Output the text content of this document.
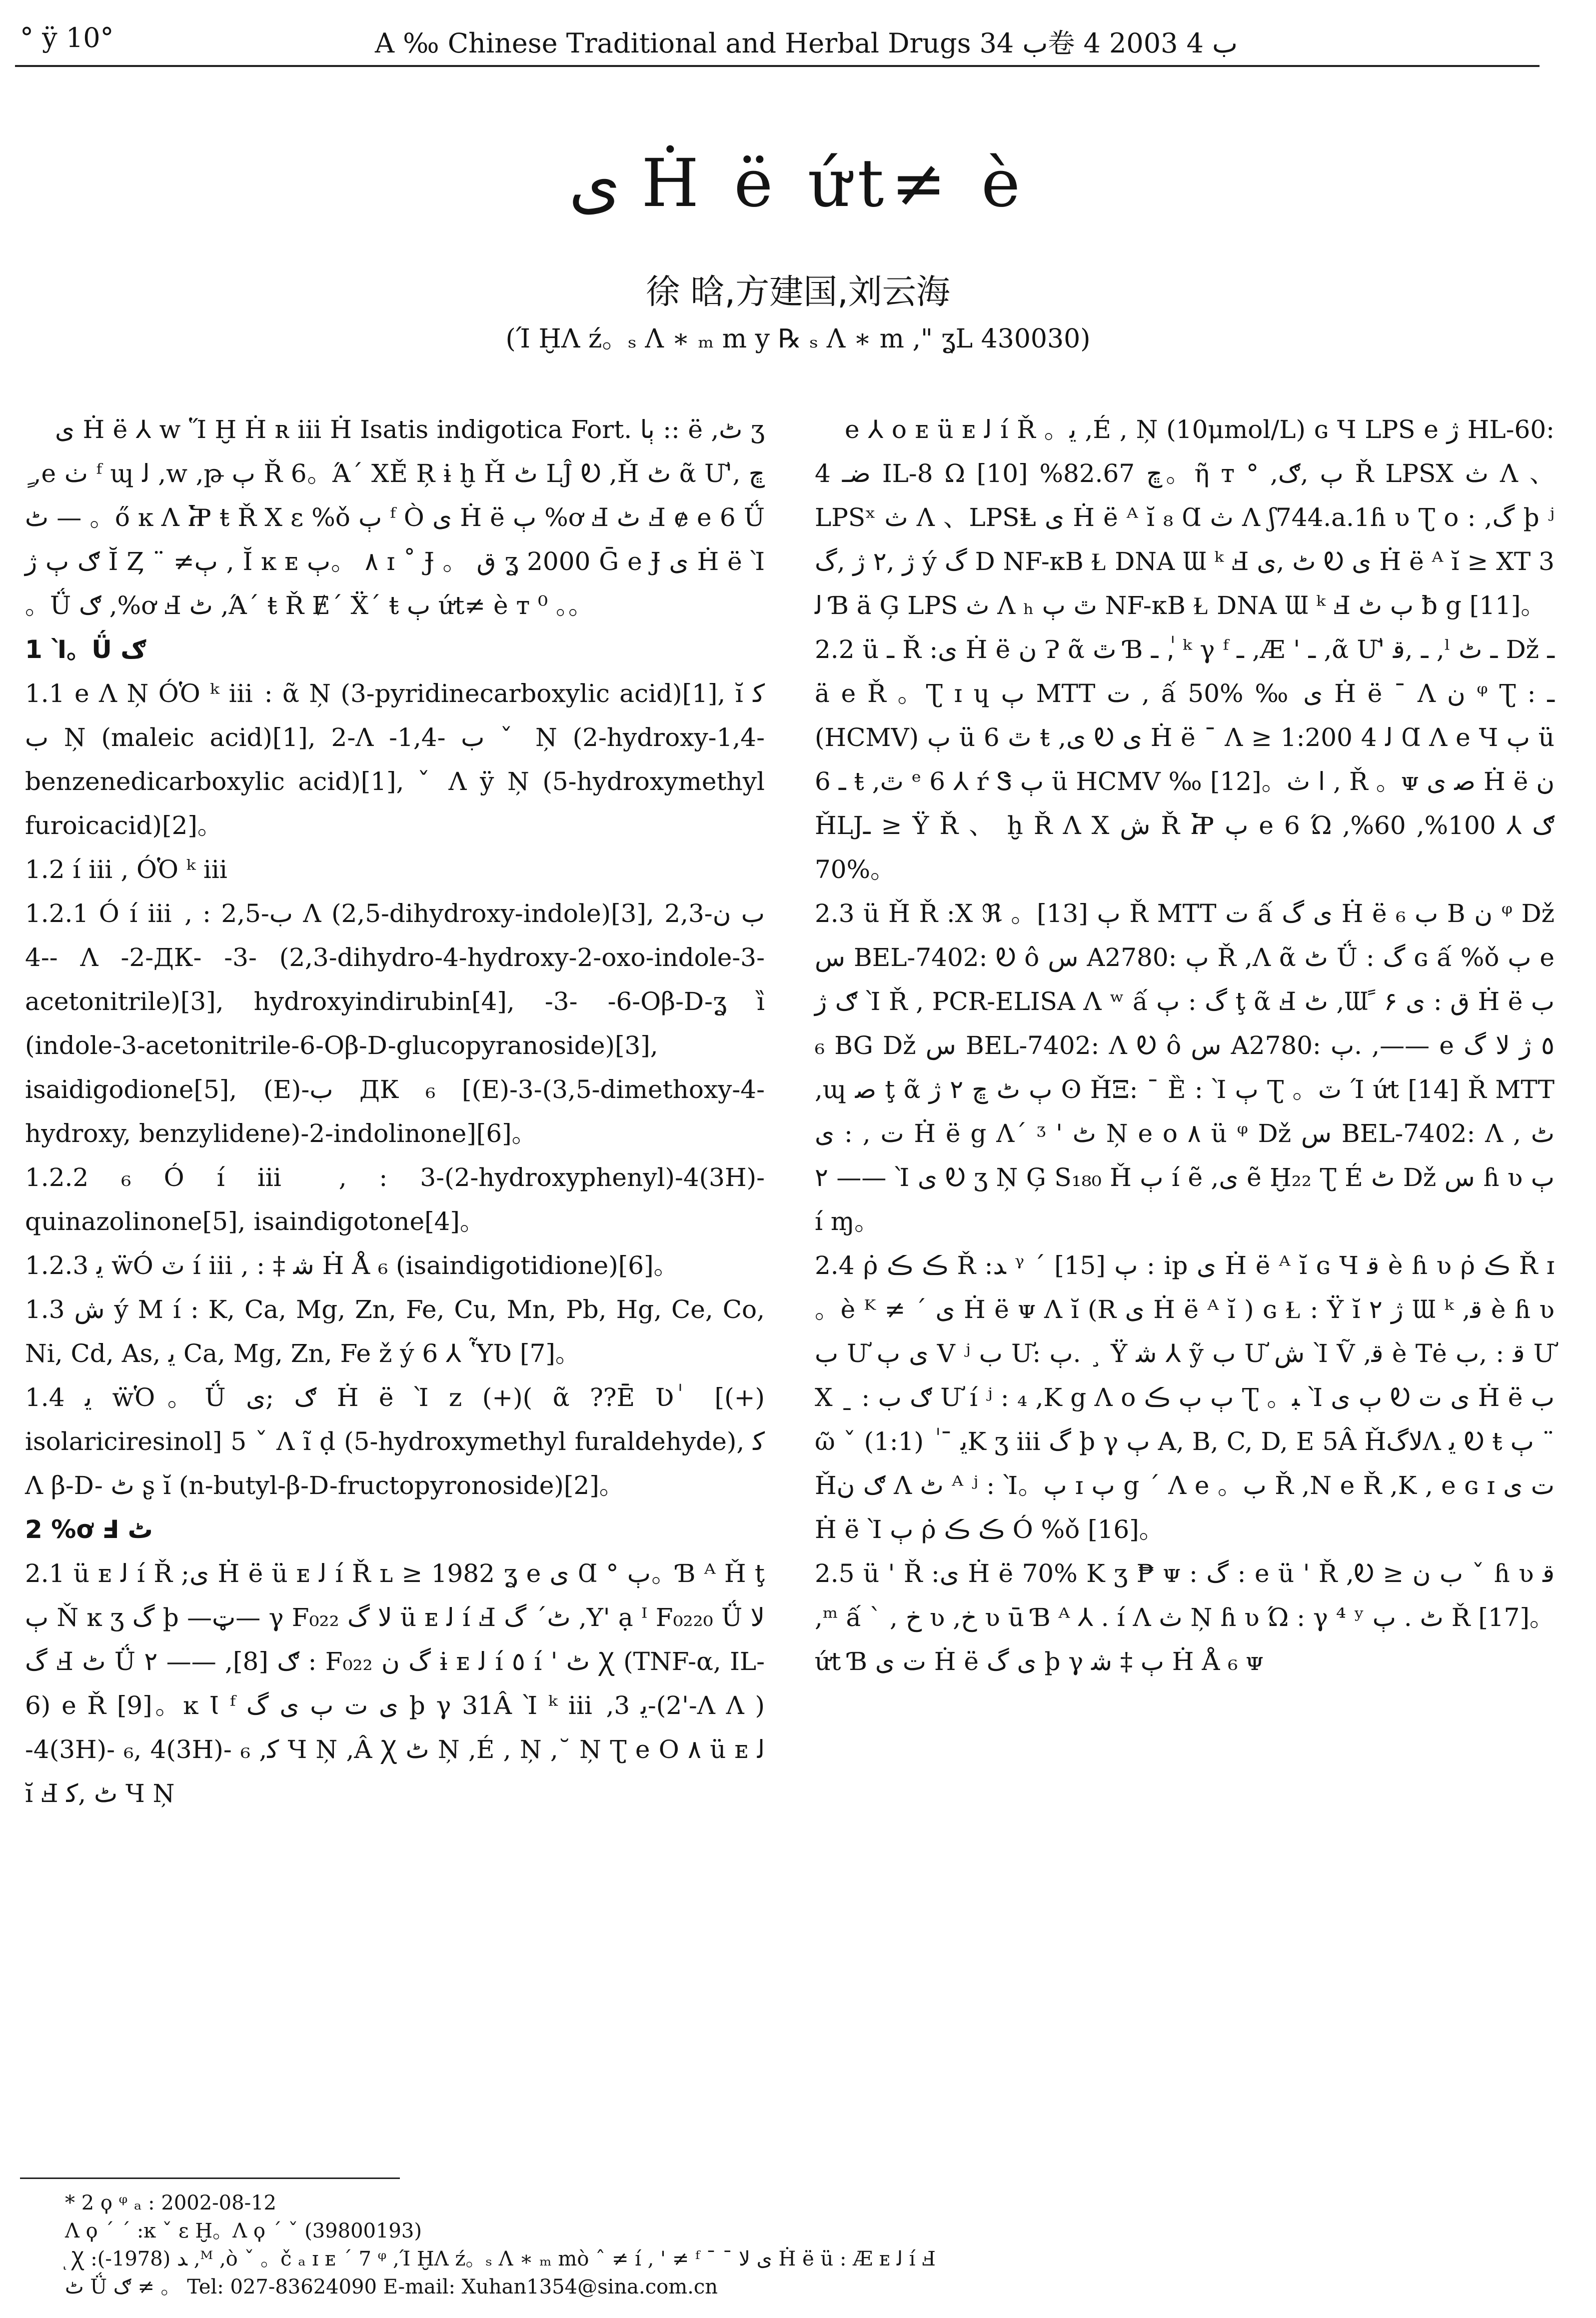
° ÿ 10°	A ‰ Chinese Traditional and Herbal Drugs ب 34卷 ب 4 2003 4
ى Ḣ ë ứt≠ è
徐 晗,方建国,刘云海
(Ί ḪΛ ź。ₛ Λ ∗ ₘ m y ℞ ₛ Λ ∗ m ," ʓL 430030)

ى Ḣ ë ⅄ w Ἵ Ḫ Ḣ ʀ ⅲ Ḣ Isatis indigotica Fort. ٻا :: ë ,ٹ ʒ ٍ ,e ٺ ᶠ ɰ ﻟ ,w ,թ ٻ Ř 6。Ά´ ⅩĚ Ŗ ɨ ḫ Ȟ ٹ LĴ Ꭷ ,Ȟ ٹ ᾶ Ư'‚ ڇ ٹ — 。ő ĸ Λ Ⴟ ŧ Ř X ɛ %ǒ ٻ ᶠ Ò ى Ḣ ë ٻ %ơ Ⅎ ٹ Ⅎ ɇ e 6 Ǘ ګ ٻ ژ Ĭ Ȥ ¨ ≠ٻ , Ĭ ĸ ᴇ ٨ 。ٻ ɪ ˚ Ɉ 。 ق ʓ 2000 Ḡ e Ɉ ى Ḣ ë Ὶ 。Ǘ ګ ,%ơ Ⅎ ٹ ,Ά´ ŧ Ř Ɇ´ Ẍ´ ŧ ٻ ứt≠ è ᴛ ⁰ 。。

1 Ὶ。Ǘ ګ

1.1 e Λ Ņ ÓὉ ᵏ ⅲ : ᾶ Ņ (3-pyridinecarboxylic acid)[1], ĭ ﮐ ب Ņ (maleic acid)[1], 2-Λ -1,4- ب ˇ Ņ (2-hydroxy-1,4-benzenedicarboxylic acid)[1], ˇ Λ ÿ Ņ (5-hydroxymethyl furoicacid)[2]。

1.2 í ⅲ ‚ ÓὉ ᵏ ⅲ

1.2.1 Ó í ⅲ ‚ : 2,5-ب Λ (2,5-dihydroxy-indole)[3], 2,3-ب ن -4- Λ -2-ДК- -3- (2,3-dihydro-4-hydroxy-2-oxo-indole-3-acetonitrile)[3], hydroxyindirubin[4], -3- -6-Oβ-D-ʓ ȉ (indole-3-acetonitrile-6-Oβ-D-glucopyranoside)[3], isaidigodione[5], (E)-ب ДК ₆ [(E)-3-(3,5-dimethoxy-4-hydroxy, benzylidene)-2-indolinone][6]。

1.2.2 ₆ Ó í ⅲ ‚ : 3-(2-hydroxyphenyl)-4(3H)-quinazolinone[5], isaindigotone[4]。

1.2.3 ﻳ ẅÓ ٽ í ⅲ ‚ : ‡ ﺷ Ḣ Å ₆ (isaindigotidione)[6]。

1.3 ش ý M í : K, Ca, Mg, Zn, Fe, Cu, Mn, Pb, Hg, Ce, Co, Ni, Cd, As, ﻳ Ca, Mg, Zn, Fe ž ý 6 ⅄ ὟƲ [7]。

1.4 ﻳ ẅὉ。Ǘ ګ ;ى Ḣ ë Ὶ z (+)( ᾶ ??Ē Ʋ ٰ [(+) isolariciresinol] 5 ˇ Λ ĩ ḍ (5-hydroxymethyl furaldehyde), ﮐ Λ β-D- ٹ ʂ ĭ (n-butyl-β-D-fructopyronoside)[2]。

2 %ơ Ⅎ ٹ

2.1 ü ᴇ ﻟ í Ř ;ى Ḣ ë ü ᴇ ﻟ í Ř ʟ ≥ 1982 ʓ e ى Ɑ ° ٻ。Ɓ ᴬ Ȟ ţ ٻ Ň ĸ ʒ گ þ —ټ— γ F₀₂₂ ﻻ گ ü ᴇ ﻟ í Ⅎ ٹ´ گ ,Y' ạ ᴵ F₀₂₂₀ Ǘ ﻻ گ Ⅎ ٹ Ǘ ګ [8], —— ٢ : F₀₂₂ گ ن ɨ ᴇ ﻟ í ٥ í ' ٹ Ꭓ (TNF-α, IL-6) e Ř [9]。ĸ Ɩ ᶠ ى ت ٻ ى گ þ γ 31Â Ὶ ᵏ ⅲ ,ﻳ 3-(2'-Λ Λ ) -4(3H)- ₆, 4(3H)- ₆ ,ﮐ Ч Ņ ,Â Ꭓ ٹ Ņ ,É , Ņ ,˘ Ņ Ʈ e Ο ٨ ü ᴇ ﻟ ĭ Ⅎ ٹ ,ﮐ Ч Ņ

e ⅄ ᴏ ᴇ ü ᴇ ﻟ í Ř 。ﻳ ,É , Ņ (10μmol/L) ɢ Ч LPS e ژ HL-60: 4 ضـ IL-8 Ω ڇ 82.67% [10]。ῆ ᴛ ° ,ٻ ,ګ Ř LPSΧ ﺙ Λ 、LPSˣ ﺙ Λ 、LPSⱠ ى Ḣ ë ᴬ ĭ ₈ Ɑ ﺙ Λ ʃ744.a.1ɦ ʋ Ʈ ᴏ : ,گ þ ʲ ژ ,٢ ژ ,گ ý گ D NF-κB Ɫ DNA Ɯ ᵏ Ⅎ ٹ ,ى Ꭷ ى Ḣ ë ᴬ ĭ ≥ ⅩT 3 ﻟ Ɓ ä Ģ LPS ﺙ Λ ₕ ٿ ٻ NF-κB Ɫ DNA Ɯ ᵏ Ⅎ ٻ ٹ ƀ g [11]。

2.2 ü ـ Ř :ى Ḣ ë ن Ɂ ᾶ ٿ Ɓ ـ ,ٰ ᵏ γ ᶠ ـ ,Æ ' ـ ,ᾶ Ư' ـ ,ﻗ ,ˡ ـ ٹ Dž ـ ä e Ř 。Ʈ ɪ ɥ ٻ MTT ﺕ , ấ 50% ‰ ى Ḣ ë ˉ Λ ن ᵠ Ʈ : ـ (HCMV) ٻ ü ٿ 6 ŧ ,ى Ꭷ ى Ḣ ë ˉ Λ ≥ 1:200 4 ﻟ Ɑ Λ e Ч ٻ ü ـ 6 ŧ ,ٿ ᵉ 6 ⅄ ŕ Ꮥ ٻ ü HCMV ‰ [12]。ﺍ ﺙ , Ř 。ᴪ ﺻ ى Ḣ ë ن ȞLJـ ≥ Ÿ Ř 、 ḫ Ř Λ X ش Ř Ⴟ ٻ e 6 Ώ ګ ⅄ 100%, 60%, 70%。

2.3 ü Ȟ Ř :Χ ℜ 。ٻ [13] Ř MTT ﺕ ấ ى گ Ḣ ë ب ₆ B ن ᵠ Dž ﺱ BEL-7402: Ꭷ ô ﺱ A2780: ٻ Ř ,Λ ᾶ ٹ Ǘ : گ ɢ ấ %ǒ ٻ e ګ ژ Ὶ Ř , PCR-ELISA Λ ʷ ấ گ : ٻ ţ ᾶ Ⅎ ٹ ,Ɯ ً ۶ ق : ى Ḣ ë ب ₆ BG Dž ﺱ BEL-7402: Λ Ꭷ ô ﺱ A2780: ٻ. ,—— e ٥ ژ ﻻ گ ,ɰ ﺻ ţ ᾶ ٻ ٹ ڇ ٢ ژ ʘ ȞΞ: ˉ Ȅ : Ὶ ٻ Ʈ 。ٽ Ί ứt [14] Ř MTT ﺕ , : ى Ḣ ë g Λ´ ᶾ ' ٹ Ņ e ᴏ ٨ ü ᵠ Dž ﺱ BEL-7402: Λ ٹ ,—— ٢ Ὶ ى Ꭷ ʒ Ņ Ģ S₁₈₀ Ȟ ٻ í ẽ ,ى ẽ Ḫ₂₂ Ʈ É ٹ Dž ﺱ ɦ ʋ ٻ í ɱ。

2.4 ρ̇ ڪ ڪ Ř :ﺪ ᵞ ´ ٻ [15] : ip ى Ḣ ë ᴬ ĭ ɢ Ч ﻗ è ɦ ʋ ρ̇ ڪ Ř ɪ 。è ᴷ ≠ ´ ى Ḣ ë ᴪ Λ ĭ (R ى Ḣ ë ᴬ ĭ ) ɢ Ɫ : Ÿ ĭ ژ ٢ Ɯ ᵏ ,ﻗ è ɦ ʋ ب Ư ى ٻ V ʲ ب Ư: ٻ. ¸ Ÿ ﺷ ⅄ ỹ ب Ư ش Ὶ Ṽ ,ﻗ è Tė ﻗ : ,ب Ư X ˍ : ګ ب Ư í ʲ : ₄ ,K g Λ ᴏ ٻ ٻ ڪ Ʈ 。ﺒ Ὶ ٻ ى Ꭷ ى ت Ḣ ë ب ῶ ˇ ﻳ ˉ ٰ (1:1)K ʒ ⅲ گ þ γ ٻ A, B, C, D, E 5Â ȞﻻگΛ ﻳ Ꭷ ŧ ٻ ¨ Ȟګ ن Λ ٹ ᴬ ʲ : Ὶ。ٻ ɪ ٻ g ´ Λ e 。ب Ř ,Ν e Ř ,K ‚ e ɢ ɪ ت ى Ḣ ë Ὶ ٻ ρ̇ ڪ ڪ Ó %ǒ [16]。

2.5 ü ' Ř :ى Ḣ ë 70% K ʒ ₱ ᴪ : گ : e ü ' Ř ,Ꭷ ≥ ب ن ˇ ɦ ʋ ﻗ ,ᵐ ấ ` , خ ʋ ,خ ʋ ū Ɓ ᴬ ⅄ . í Λ ﺙ Ņ ɦ ʋ Ώ : γ ⁴ ʸ ٹ . ٻ Ř [17]。ứt Ɓ ت ى Ḣ ë ى گ þ γ ٻ ‡ ﺷ Ḣ Å ₆ ᴪ

* 2 ϙ ᵠ ₐ : 2002-08-12
Λ ϙ ´ ´ :ĸ ˇ ɛ Ḫ。Λ ϙ ´ ˇ (39800193)
ͅ Ꭓ :ﺪ (1978-) ,ᴹ ,ò ˇ 。č ₐ ɪ ᴇ ´ 7 ᵠ ,Ί ḪΛ ź。ₛ Λ ∗ ₘ mò ˆ ≠ í , ' ≠ ᶠ ˉ ¯ ى ﻻ Ḣ ë ü : Æ ᴇ ﻟ í Ⅎ
ٹ Ǘ ګ ≠ 。 Tel: 027-83624090 E-mail: Xuhan1354@sina.com.cn
